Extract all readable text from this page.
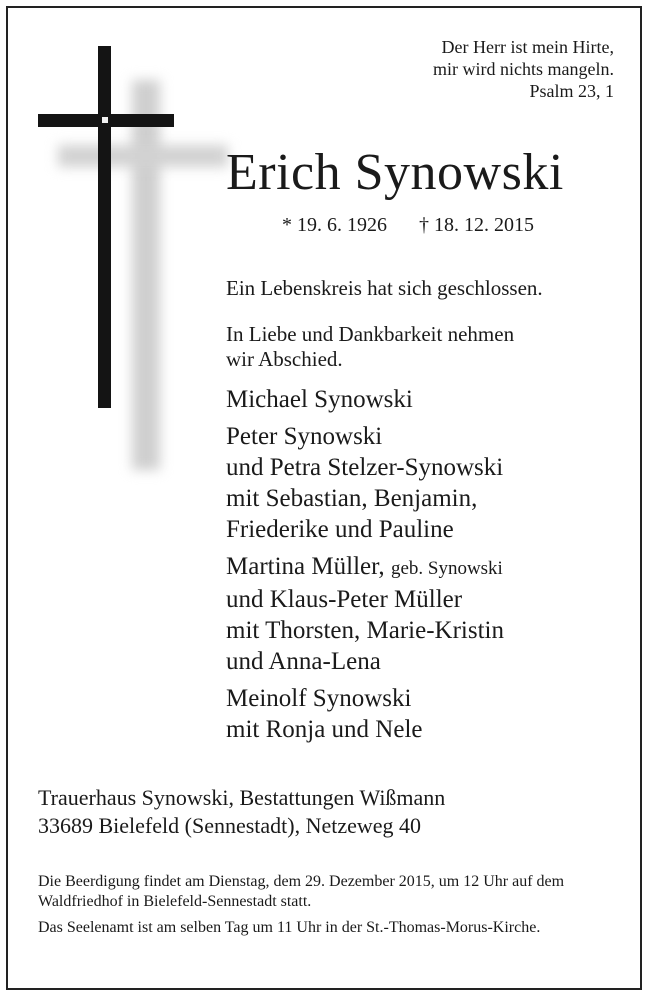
Der Herr ist mein Hirte,
mir wird nichts mangeln.
Psalm 23, 1
Erich Synowski
* 19. 6. 1926 † 18. 12. 2015
Ein Lebenskreis hat sich geschlossen.
In Liebe und Dankbarkeit nehmen
wir Abschied.
Michael Synowski
Peter Synowski
und Petra Stelzer-Synowski
mit Sebastian, Benjamin,
Friederike und Pauline
Martina Müller, geb. Synowski
und Klaus-Peter Müller
mit Thorsten, Marie-Kristin
und Anna-Lena
Meinolf Synowski
mit Ronja und Nele
Trauerhaus Synowski, Bestattungen Wißmann
33689 Bielefeld (Sennestadt), Netzeweg 40

Die Beerdigung findet am Dienstag, dem 29. Dezember 2015, um 12 Uhr auf dem Waldfriedhof in Bielefeld-Sennestadt statt.

Das Seelenamt ist am selben Tag um 11 Uhr in der St.-Thomas-Morus-Kirche.
